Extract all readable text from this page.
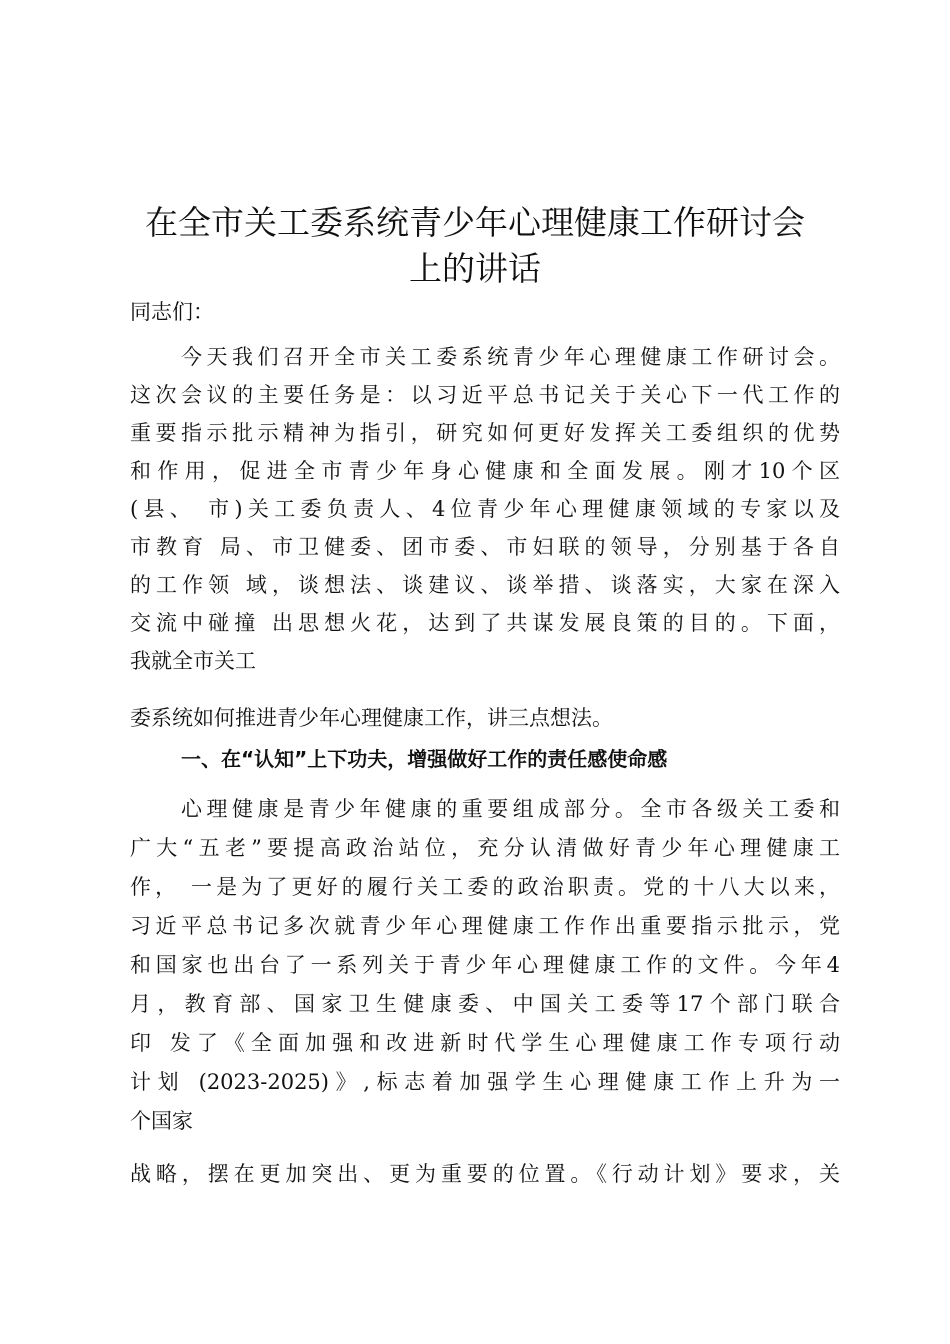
在全市关工委系统青少年心理健康工作研讨会
上的讲话
同志们：
今天我们召开全市关工委系统青少年心理健康工作研讨会。
这次会议的主要任务是：以习近平总书记关于关心下一代工作的
重要指示批示精神为指引，研究如何更好发挥关工委组织的优势
和作用，促进全市青少年身心健康和全面发展。刚才10个区
(县、 市)关工委负责人、4位青少年心理健康领域的专家以及
市教育 局、市卫健委、团市委、市妇联的领导，分别基于各自
的工作领 域，谈想法、谈建议、谈举措、谈落实，大家在深入
交流中碰撞 出思想火花，达到了共谋发展良策的目的。下面，
我就全市关工
委系统如何推进青少年心理健康工作，讲三点想法。
一、在“认知”上下功夫，增强做好工作的责任感使命感
心理健康是青少年健康的重要组成部分。全市各级关工委和
广大“五老”要提高政治站位，充分认清做好青少年心理健康工
作， 一是为了更好的履行关工委的政治职责。党的十八大以来，
习近平总书记多次就青少年心理健康工作作出重要指示批示，党
和国家也出台了一系列关于青少年心理健康工作的文件。今年4
月，教育部、国家卫生健康委、中国关工委等17个部门联合
印 发了《全面加强和改进新时代学生心理健康工作专项行动
计划 (2023-2025)》,标志着加强学生心理健康工作上升为一
个国家
战略，摆在更加突出、更为重要的位置。《行动计划》要求，关
